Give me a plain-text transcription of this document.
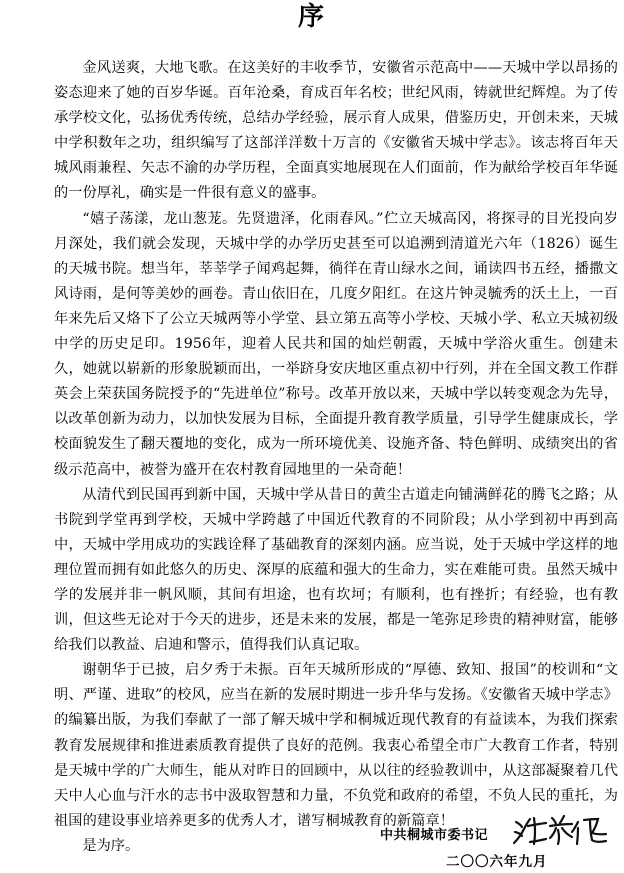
序

金风送爽，大地飞歌。在这美好的丰收季节，安徽省示范高中——天城中学以昂扬的姿态迎来了她的百岁华诞。百年沧桑，育成百年名校；世纪风雨，铸就世纪辉煌。为了传承学校文化，弘扬优秀传统，总结办学经验，展示育人成果，借鉴历史，开创未来，天城中学积数年之功，组织编写了这部洋洋数十万言的《安徽省天城中学志》。该志将百年天城风雨兼程、矢志不渝的办学历程，全面真实地展现在人们面前，作为献给学校百年华诞的一份厚礼，确实是一件很有意义的盛事。

“嬉子荡漾，龙山葱茏。先贤遗泽，化雨春风。”伫立天城高冈，将探寻的目光投向岁月深处，我们就会发现，天城中学的办学历史甚至可以追溯到清道光六年（1826）诞生的天城书院。想当年，莘莘学子闻鸡起舞，徜徉在青山绿水之间，诵读四书五经，播撒文风诗雨，是何等美妙的画卷。青山依旧在，几度夕阳红。在这片钟灵毓秀的沃土上，一百年来先后又烙下了公立天城两等小学堂、县立第五高等小学校、天城小学、私立天城初级中学的历史足印。1956年，迎着人民共和国的灿烂朝霞，天城中学浴火重生。创建未久，她就以崭新的形象脱颖而出，一举跻身安庆地区重点初中行列，并在全国文教工作群英会上荣获国务院授予的“先进单位”称号。改革开放以来，天城中学以转变观念为先导，以改革创新为动力，以加快发展为目标，全面提升教育教学质量，引导学生健康成长，学校面貌发生了翻天覆地的变化，成为一所环境优美、设施齐备、特色鲜明、成绩突出的省级示范高中，被誉为盛开在农村教育园地里的一朵奇葩！

从清代到民国再到新中国，天城中学从昔日的黄尘古道走向铺满鲜花的腾飞之路；从书院到学堂再到学校，天城中学跨越了中国近代教育的不同阶段；从小学到初中再到高中，天城中学用成功的实践诠释了基础教育的深刻内涵。应当说，处于天城中学这样的地理位置而拥有如此悠久的历史、深厚的底蕴和强大的生命力，实在难能可贵。虽然天城中学的发展并非一帆风顺，其间有坦途，也有坎坷；有顺利，也有挫折；有经验，也有教训，但这些无论对于今天的进步，还是未来的发展，都是一笔弥足珍贵的精神财富，能够给我们以教益、启迪和警示，值得我们认真记取。

谢朝华于已披，启夕秀于未振。百年天城所形成的“厚德、致知、报国”的校训和“文明、严谨、进取”的校风，应当在新的发展时期进一步升华与发扬。《安徽省天城中学志》的编纂出版，为我们奉献了一部了解天城中学和桐城近现代教育的有益读本，为我们探索教育发展规律和推进素质教育提供了良好的范例。我衷心希望全市广大教育工作者，特别是天城中学的广大师生，能从对昨日的回顾中，从以往的经验教训中，从这部凝聚着几代天中人心血与汗水的志书中汲取智慧和力量，不负党和政府的希望，不负人民的重托，为祖国的建设事业培养更多的优秀人才，谱写桐城教育的新篇章！

是为序。

中共桐城市委书记
二〇〇六年九月
